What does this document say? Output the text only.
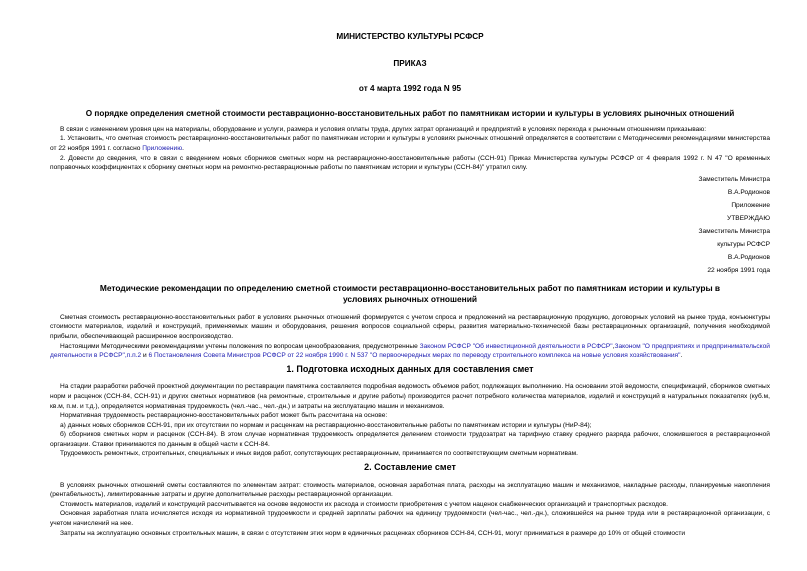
МИНИСТЕРСТВО КУЛЬТУРЫ РСФСР
ПРИКАЗ
от 4 марта 1992 года N 95
О порядке определения сметной стоимости реставрационно-восстановительных работ по памятникам истории и культуры в условиях рыночных отношений

В связи с изменением уровня цен на материалы, оборудование и услуги, размера и условия оплаты труда, других затрат организаций и предприятий в условиях перехода к рыночным отношениям приказываю:

1. Установить, что сметная стоимость реставрационно-восстановительных работ по памятникам истории и культуры в условиях рыночных отношений определяется в соответствии с Методическими рекомендациями министерства от 22 ноября 1991 г. согласно Приложению.

2. Довести до сведения, что в связи с введением новых сборников сметных норм на реставрационно-восстановительные работы (ССН-91) Приказ Министерства культуры РСФСР от 4 февраля 1992 г. N 47 "О временных поправочных коэффициентах к сборнику сметных норм на ремонтно-реставрационные работы по памятникам истории и культуры (ССН-84)" утратил силу.

Заместитель Министра
В.А.Родионов
Приложение
УТВЕРЖДАЮ
Заместитель Министра
культуры РСФСР
В.А.Родионов
22 ноября 1991 года
Методические рекомендации по определению сметной стоимости реставрационно-восстановительных работ по памятникам истории и культуры в условиях рыночных отношений

Сметная стоимость реставрационно-восстановительных работ в условиях рыночных отношений формируется с учетом спроса и предложений на реставрационную продукцию, договорных условий на рынке труда, конъюнктуры стоимости материалов, изделий и конструкций, применяемых машин и оборудования, решения вопросов социальной сферы, развития материально-технической базы реставрационных организаций, получения необходимой прибыли, обеспечивающей расширенное воспроизводство.

Настоящими Методическими рекомендациями учтены положения по вопросам ценообразования, предусмотренные Законом РСФСР "Об инвестиционной деятельности в РСФСР",Законом "О предприятиях и предпринимательской деятельности в РСФСР",п.п.2 и 6 Постановления Совета Министров РСФСР от 22 ноября 1990 г. N 537 "О первоочередных мерах по переводу строительного комплекса на новые условия хозяйствования".

1. Подготовка исходных данных для составления смет

На стадии разработки рабочей проектной документации по реставрации памятника составляется подробная ведомость объемов работ, подлежащих выполнению. На основании этой ведомости, спецификаций, сборников сметных норм и расценок (ССН-84, ССН-91) и других сметных нормативов (на ремонтные, строительные и другие работы) производится расчет потребного количества материалов, изделий и конструкций в натуральных показателях (куб.м, кв.м, п.м. и т.д.), определяется нормативная трудоемкость (чел.-час., чел.-дн.) и затраты на эксплуатацию машин и механизмов.

Нормативная трудоемкость реставрационно-восстановительных работ может быть рассчитана на основе:

а) данных новых сборников ССН-91, при их отсутствии по нормам и расценкам на реставрационно-восстановительные работы по памятникам истории и культуры (НиР-84);

б) сборников сметных норм и расценок (ССН-84). В этом случае нормативная трудоемкость определяется делением стоимости трудозатрат на тарифную ставку среднего разряда рабочих, сложившегося в реставрационной организации. Ставки принимаются по данным в общей части к ССН-84.

Трудоемкость ремонтных, строительных, специальных и иных видов работ, сопутствующих реставрационным, принимается по соответствующим сметным нормативам.

2. Составление смет

В условиях рыночных отношений сметы составляются по элементам затрат: стоимость материалов, основная заработная плата, расходы на эксплуатацию машин и механизмов, накладные расходы, планируемые накопления (рентабельность), лимитированные затраты и другие дополнительные расходы реставрационной организации.

Стоимость материалов, изделий и конструкций рассчитывается на основе ведомости их расхода и стоимости приобретения с учетом наценок снабженческих организаций и транспортных расходов.

Основная заработная плата исчисляется исходя из нормативной трудоемкости и средней зарплаты рабочих на единицу трудоемкости (чел-час., чел.-дн.), сложившейся на рынке труда или в реставрационной организации, с учетом начислений на нее.

Затраты на эксплуатацию основных строительных машин, в связи с отсутствием этих норм в единичных расценках сборников ССН-84, ССН-91, могут приниматься в размере до 10% от общей стоимости
